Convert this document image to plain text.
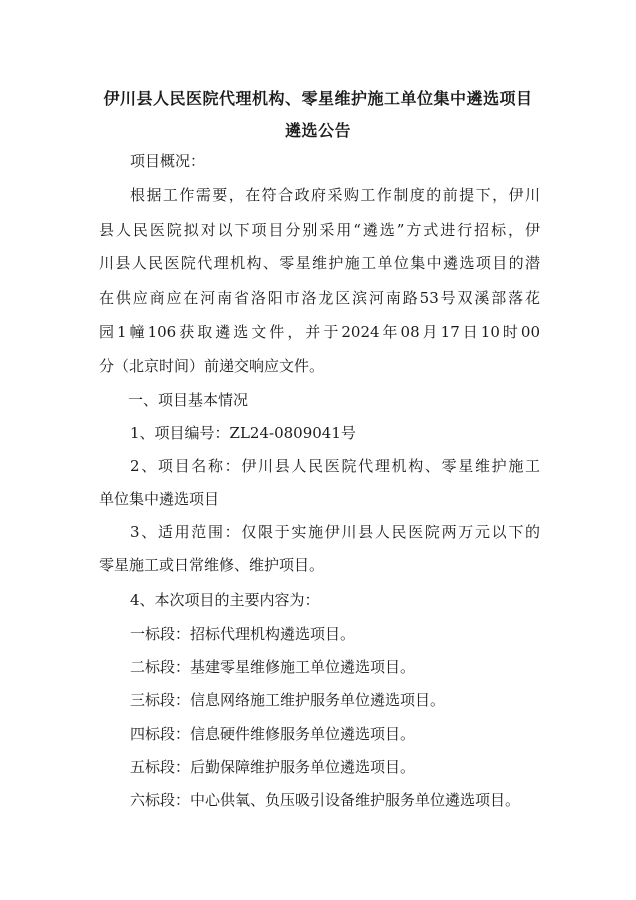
伊川县人民医院代理机构、零星维护施工单位集中遴选项目
遴选公告
项目概况：
根据工作需要，在符合政府采购工作制度的前提下，伊川
县人民医院拟对以下项目分别采用“遴选”方式进行招标，伊
川县人民医院代理机构、零星维护施工单位集中遴选项目的潜
在供应商应在河南省洛阳市洛龙区滨河南路53号双溪部落花
园1幢106获取遴选文件，并于2024年08月17日10时00
分（北京时间）前递交响应文件。
一、项目基本情况
1、项目编号：ZL24-0809041号
2、项目名称：伊川县人民医院代理机构、零星维护施工
单位集中遴选项目
3、适用范围：仅限于实施伊川县人民医院两万元以下的
零星施工或日常维修、维护项目。
4、本次项目的主要内容为：
一标段：招标代理机构遴选项目。
二标段：基建零星维修施工单位遴选项目。
三标段：信息网络施工维护服务单位遴选项目。
四标段：信息硬件维修服务单位遴选项目。
五标段：后勤保障维护服务单位遴选项目。
六标段：中心供氧、负压吸引设备维护服务单位遴选项目。
